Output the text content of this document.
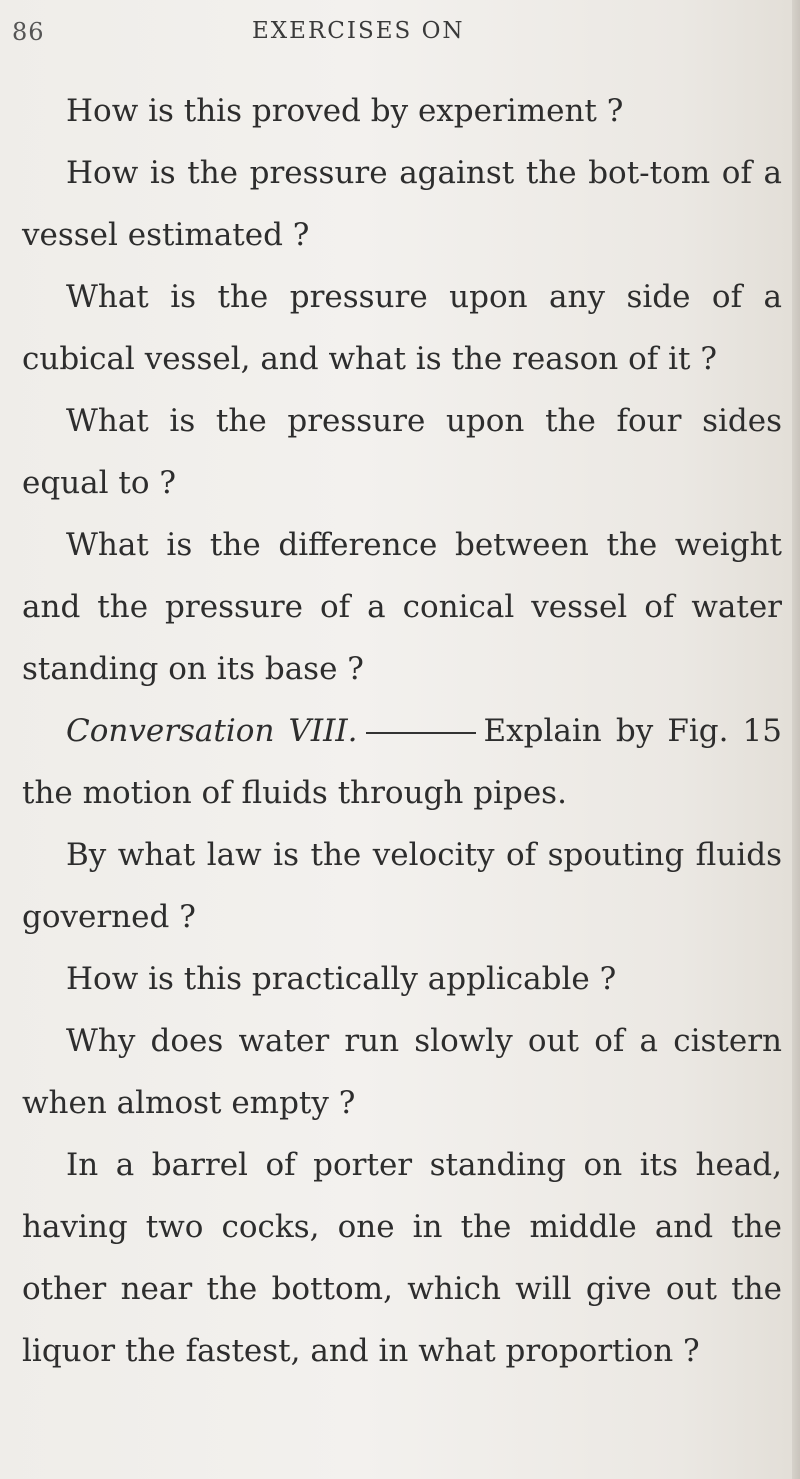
86	EXERCISES ON

How is this proved by experiment ?

How is the pressure against the bot-tom of a vessel estimated ?

What is the pressure upon any side of a cubical vessel, and what is the reason of it ?

What is the pressure upon the four sides equal to ?

What is the difference between the weight and the pressure of a conical vessel of water standing on its base ?

Conversation VIII.	Explain by Fig. 15 the motion of fluids through pipes.

By what law is the velocity of spouting fluids governed ?

How is this practically applicable ?

Why does water run slowly out of a cistern when almost empty ?

In a barrel of porter standing on its head, having two cocks, one in the middle and the other near the bottom, which will give out the liquor the fastest, and in what proportion ?
